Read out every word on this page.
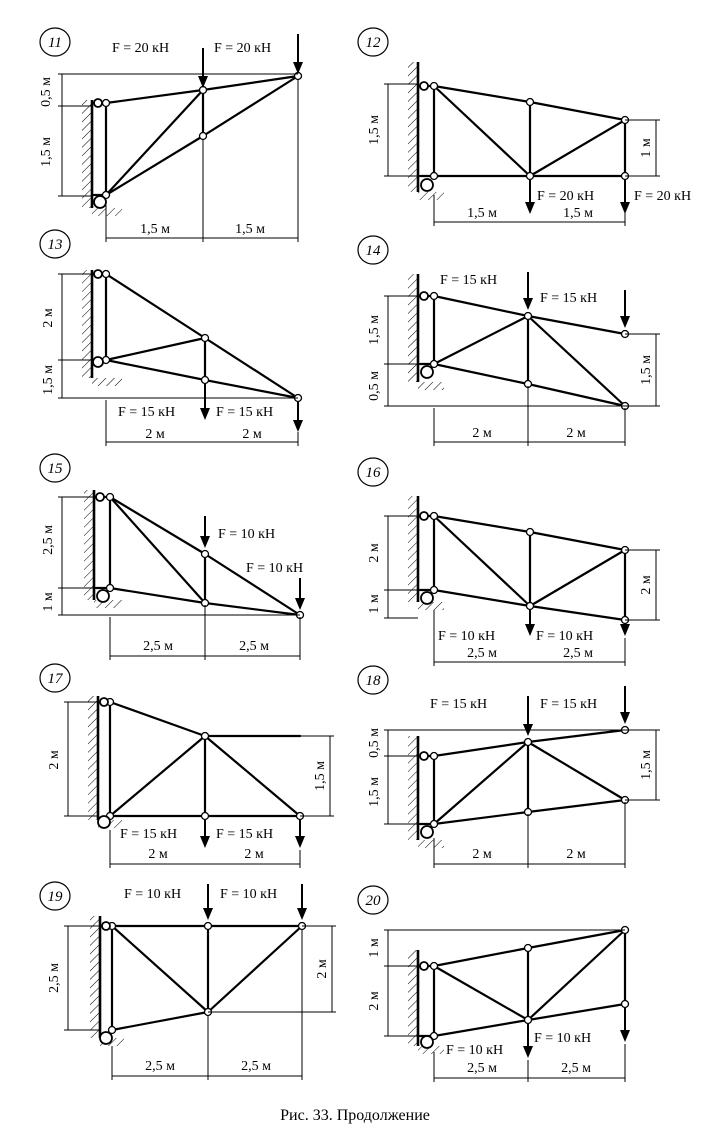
11	F = 20 кН	F = 20 кН
0,5 м
1,5 м
1,5 м	1,5 м
12
F = 20 кН	F = 20 кН
1,5 м
1 м
1,5 м	1,5 м
13
F = 15 кН	F = 15 кН
2 м
1,5 м
2 м	2 м
14
F = 15 кН
F = 15 кН
1,5 м
0,5 м
1,5 м
2 м	2 м
15
F = 10 кН
F = 10 кН
2,5 м
1 м
2,5 м	2,5 м
16
F = 10 кН	F = 10 кН
2 м
1 м
2 м
2,5 м	2,5 м
17
F = 15 кН	F = 15 кН
2 м
1,5 м
2 м	2 м
18
F = 15 кН	F = 15 кН
0,5 м
1,5 м
1,5 м
2 м	2 м
19	F = 10 кН	F = 10 кН
2,5 м	2 м
2,5 м	2,5 м
20
F = 10 кН
F = 10 кН
1 м
2 м
2,5 м	2,5 м
Рис. 33. Продолжение
